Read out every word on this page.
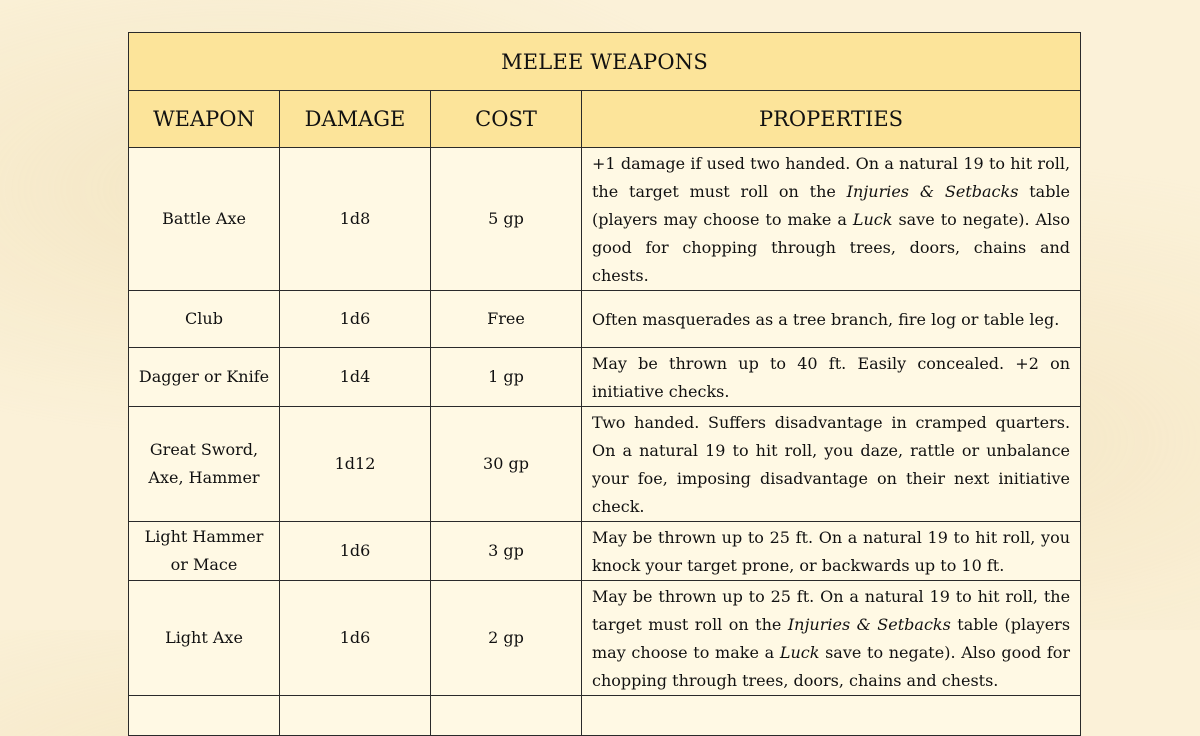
MELEE WEAPONS			
WEAPON	DAMAGE	COST	PROPERTIES
Battle Axe	1d8	5 gp	+1 damage if used two handed. On a natural 19 to hit roll, the target must roll on the Injuries & Setbacks table (players may choose to make a Luck save to negate). Also good for chopping through trees, doors, chains and chests.
Club	1d6	Free	Often masquerades as a tree branch, fire log or table leg.
Dagger or Knife	1d4	1 gp	May be thrown up to 40 ft. Easily concealed. +2 on initiative checks.
Great Sword, Axe, Hammer	1d12	30 gp	Two handed. Suffers disadvantage in cramped quarters. On a natural 19 to hit roll, you daze, rattle or unbalance your foe, imposing disadvantage on their next initiative check.
Light Hammer or Mace	1d6	3 gp	May be thrown up to 25 ft. On a natural 19 to hit roll, you knock your target prone, or backwards up to 10 ft.
Light Axe	1d6	2 gp	May be thrown up to 25 ft. On a natural 19 to hit roll, the target must roll on the Injuries & Setbacks table (players may choose to make a Luck save to negate). Also good for chopping through trees, doors, chains and chests.
